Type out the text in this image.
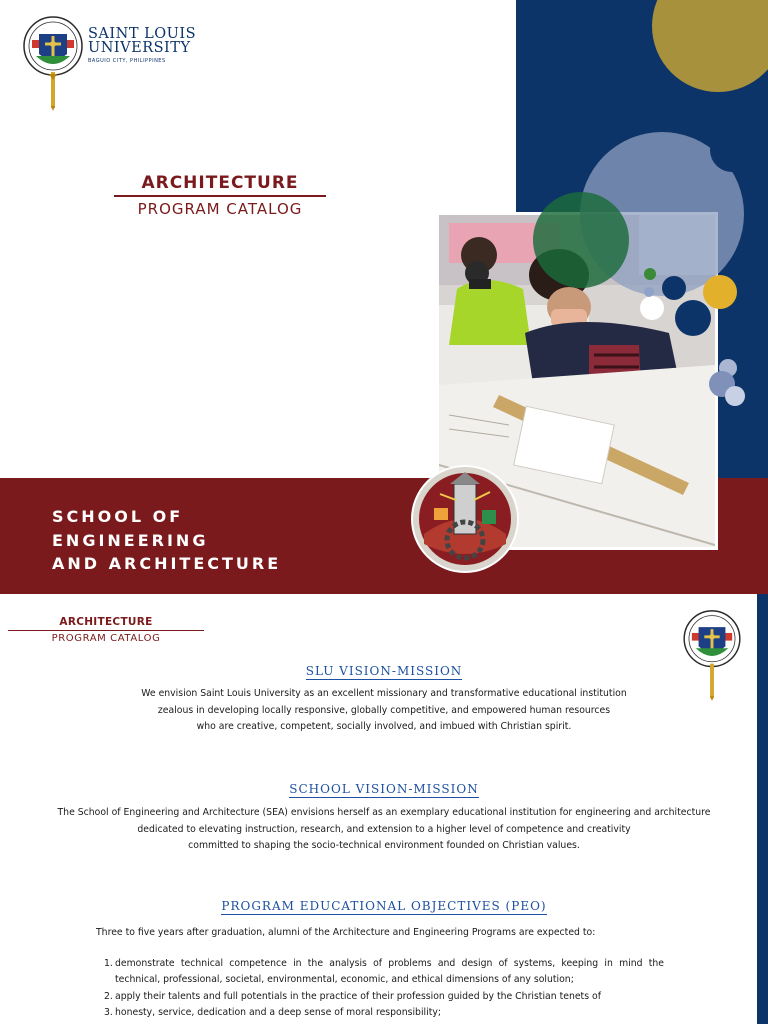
SAINT LOUIS
UNIVERSITY
BAGUIO CITY, PHILIPPINES
ARCHITECTURE
PROGRAM CATALOG
SCHOOL OF
ENGINEERING
AND ARCHITECTURE
ARCHITECTURE
PROGRAM CATALOG
SLU VISION-MISSION
We envision Saint Louis University as an excellent missionary and transformative educational institution
zealous in developing locally responsive, globally competitive, and empowered human resources
who are creative, competent, socially involved, and imbued with Christian spirit.
SCHOOL VISION-MISSION
The School of Engineering and Architecture (SEA) envisions herself as an exemplary educational institution for engineering and architecture
dedicated to elevating instruction, research, and extension to a higher level of competence and creativity
committed to shaping the socio-technical environment founded on Christian values.
PROGRAM EDUCATIONAL OBJECTIVES (PEO)
Three to five years after graduation, alumni of the Architecture and Engineering Programs are expected to:
1. demonstrate technical competence in the analysis of problems and design of systems, keeping in mind the
technical, professional, societal, environmental, economic, and ethical dimensions of any solution;
2. apply their talents and full potentials in the practice of their profession guided by the Christian tenets of
3. honesty, service, dedication and a deep sense of moral responsibility;
